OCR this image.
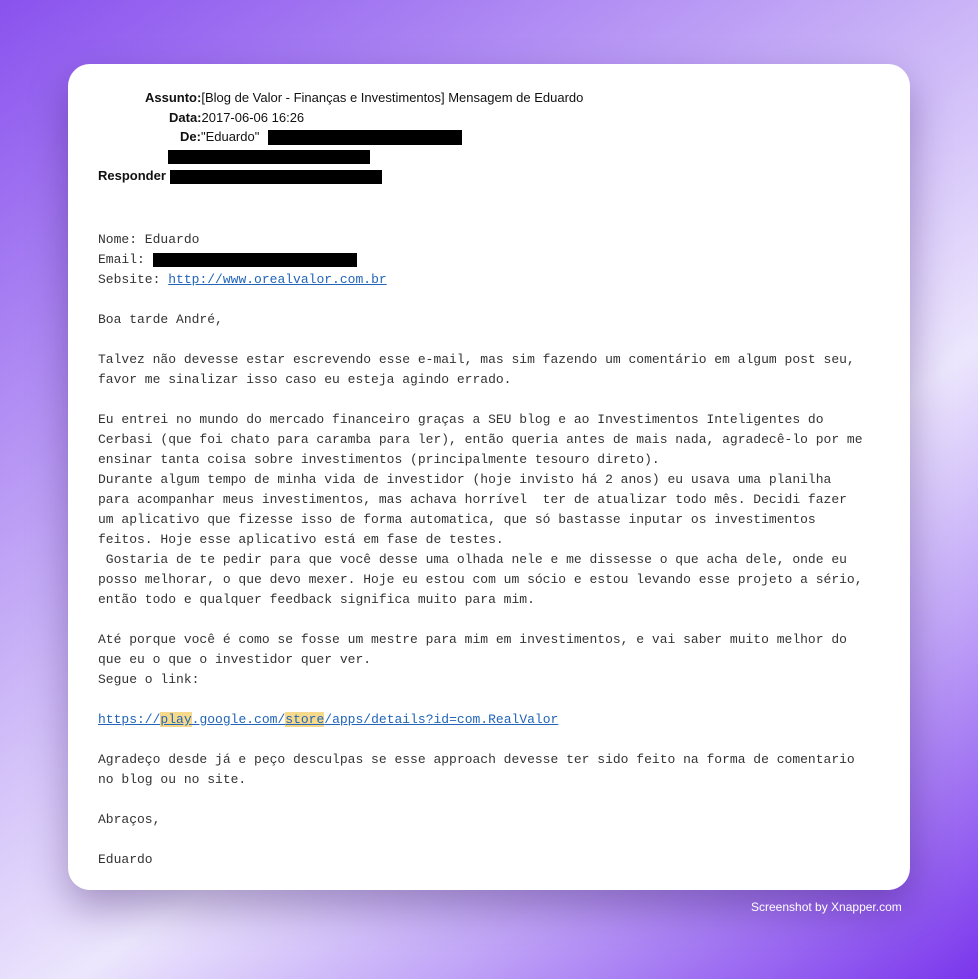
Assunto:[Blog de Valor - Finanças e Investimentos] Mensagem de Eduardo
Data:2017-06-06 16:26
De:"Eduardo"
Responder
Nome: Eduardo
Email:
Sebsite: http://www.orealvalor.com.br
Boa tarde André,
Talvez não devesse estar escrevendo esse e-mail, mas sim fazendo um comentário em algum post seu,
favor me sinalizar isso caso eu esteja agindo errado.
Eu entrei no mundo do mercado financeiro graças a SEU blog e ao Investimentos Inteligentes do
Cerbasi (que foi chato para caramba para ler), então queria antes de mais nada, agradecê-lo por me
ensinar tanta coisa sobre investimentos (principalmente tesouro direto).
Durante algum tempo de minha vida de investidor (hoje invisto há 2 anos) eu usava uma planilha
para acompanhar meus investimentos, mas achava horrível  ter de atualizar todo mês. Decidi fazer
um aplicativo que fizesse isso de forma automatica, que só bastasse inputar os investimentos
feitos. Hoje esse aplicativo está em fase de testes.
Gostaria de te pedir para que você desse uma olhada nele e me dissesse o que acha dele, onde eu
posso melhorar, o que devo mexer. Hoje eu estou com um sócio e estou levando esse projeto a sério,
então todo e qualquer feedback significa muito para mim.
Até porque você é como se fosse um mestre para mim em investimentos, e vai saber muito melhor do
que eu o que o investidor quer ver.
Segue o link:
https://play.google.com/store/apps/details?id=com.RealValor
Agradeço desde já e peço desculpas se esse approach devesse ter sido feito na forma de comentario
no blog ou no site.
Abraços,
Eduardo
Screenshot by Xnapper.com
